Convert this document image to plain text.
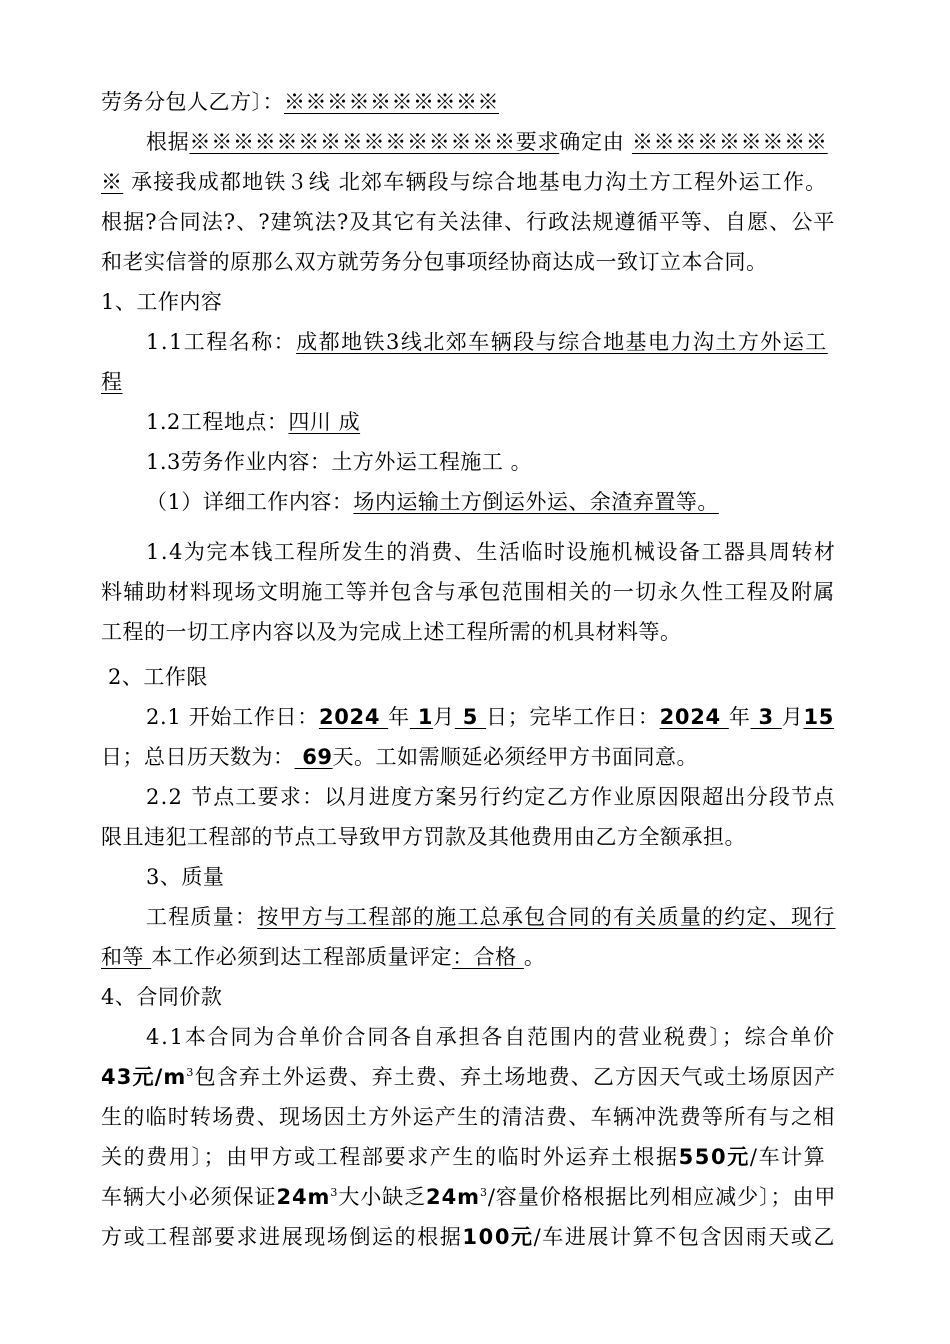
劳务分包人乙方〕：※※※※※※※※※※
根据※※※※※※※※※※※※※※※要求确定由 ※※※※※※※※※
※ 承接我成都地铁３线 北郊车辆段与综合地基电力沟土方工程外运工作。
根据?合同法?、?建筑法?及其它有关法律、行政法规遵循平等、自愿、公平
和老实信誉的原那么双方就劳务分包事项经协商达成一致订立本合同。
1、工作内容
1.1工程名称：成都地铁3线北郊车辆段与综合地基电力沟土方外运工
程
1.2工程地点：四川 成
1.3劳务作业内容：土方外运工程施工 。
（1）详细工作内容：场内运输土方倒运外运、余渣弃置等。
1.4为完本钱工程所发生的消费、生活临时设施机械设备工器具周转材
料辅助材料现场文明施工等并包含与承包范围相关的一切永久性工程及附属
工程的一切工序内容以及为完成上述工程所需的机具材料等。
2、工作限
2.1 开始工作日：2024 年 1月 5 日；完毕工作日：2024 年 3 月15
日；总日历天数为： 69天。工如需顺延必须经甲方书面同意。
2.2 节点工要求：以月进度方案另行约定乙方作业原因限超出分段节点
限且违犯工程部的节点工导致甲方罚款及其他费用由乙方全额承担。
3、质量
工程质量：按甲方与工程部的施工总承包合同的有关质量的约定、现行
和等 本工作必须到达工程部质量评定：合格 。
4、合同价款
4.1本合同为合单价合同各自承担各自范围内的营业税费〕；综合单价
43元$/m^3$包含弃土外运费、弃土费、弃土场地费、乙方因天气或土场原因产
生的临时转场费、现场因土方外运产生的清洁费、车辆冲洗费等所有与之相
关的费用〕；由甲方或工程部要求产生的临时外运弃土根据550元/车计算
车辆大小必须保证$24m^3$大小缺乏$24m^3/$容量价格根据比列相应减少〕；由甲
方或工程部要求进展现场倒运的根据100元/车进展计算不包含因雨天或乙
